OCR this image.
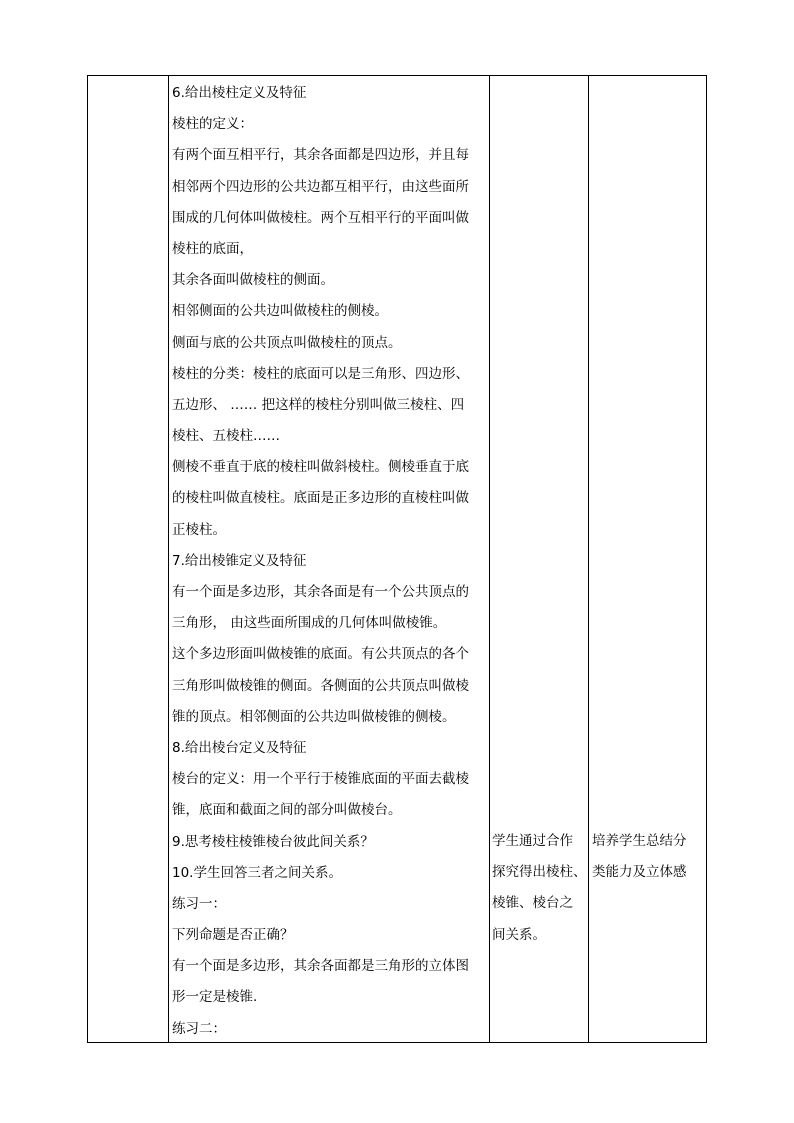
6.给出棱柱定义及特征
棱柱的定义：
有两个面互相平行，其余各面都是四边形，并且每
相邻两个四边形的公共边都互相平行，由这些面所
围成的几何体叫做棱柱。两个互相平行的平面叫做
棱柱的底面，
其余各面叫做棱柱的侧面。
相邻侧面的公共边叫做棱柱的侧棱。
侧面与底的公共顶点叫做棱柱的顶点。
棱柱的分类：棱柱的底面可以是三角形、四边形、
五边形、 …… 把这样的棱柱分别叫做三棱柱、四
棱柱、五棱柱……
侧棱不垂直于底的棱柱叫做斜棱柱。侧棱垂直于底
的棱柱叫做直棱柱。底面是正多边形的直棱柱叫做
正棱柱。
7.给出棱锥定义及特征
有一个面是多边形，其余各面是有一个公共顶点的
三角形， 由这些面所围成的几何体叫做棱锥。
这个多边形面叫做棱锥的底面。有公共顶点的各个
三角形叫做棱锥的侧面。各侧面的公共顶点叫做棱
锥的顶点。相邻侧面的公共边叫做棱锥的侧棱。
8.给出棱台定义及特征
棱台的定义：用一个平行于棱锥底面的平面去截棱
锥，底面和截面之间的部分叫做棱台。
9.思考棱柱棱锥棱台彼此间关系？
10.学生回答三者之间关系。
练习一：
下列命题是否正确？
有一个面是多边形，其余各面都是三角形的立体图
形一定是棱锥.
练习二：
学生通过合作
探究得出棱柱、
棱锥、棱台之
间关系。
培养学生总结分
类能力及立体感
